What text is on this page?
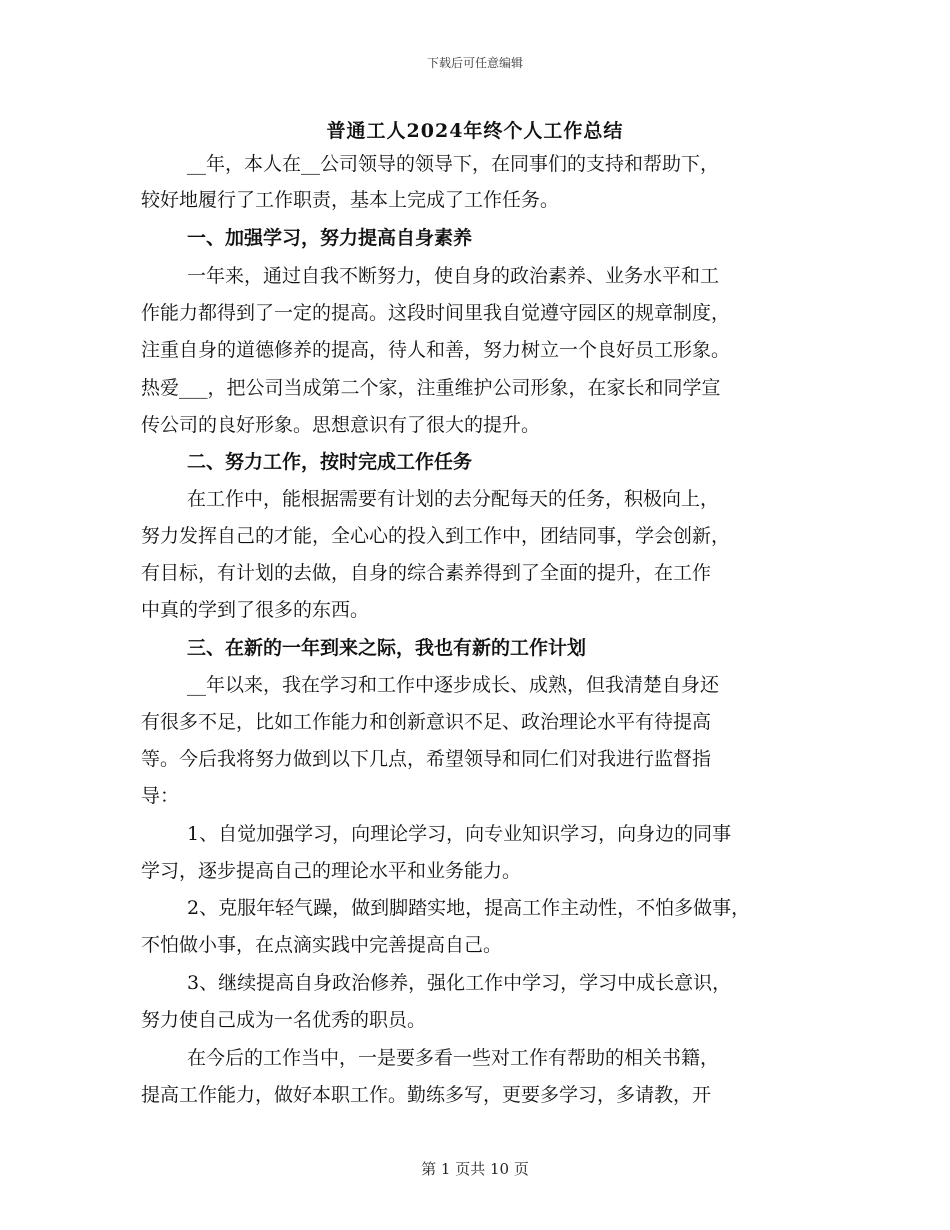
下载后可任意编辑
普通工人2024年终个人工作总结
__年，本人在__公司领导的领导下，在同事们的支持和帮助下，
较好地履行了工作职责，基本上完成了工作任务。
一、加强学习，努力提高自身素养
一年来，通过自我不断努力，使自身的政治素养、业务水平和工
作能力都得到了一定的提高。这段时间里我自觉遵守园区的规章制度，
注重自身的道德修养的提高，待人和善，努力树立一个良好员工形象。
热爱___，把公司当成第二个家，注重维护公司形象，在家长和同学宣
传公司的良好形象。思想意识有了很大的提升。
二、努力工作，按时完成工作任务
在工作中，能根据需要有计划的去分配每天的任务，积极向上，
努力发挥自己的才能，全心心的投入到工作中，团结同事，学会创新，
有目标，有计划的去做，自身的综合素养得到了全面的提升，在工作
中真的学到了很多的东西。
三、在新的一年到来之际，我也有新的工作计划
__年以来，我在学习和工作中逐步成长、成熟，但我清楚自身还
有很多不足，比如工作能力和创新意识不足、政治理论水平有待提高
等。今后我将努力做到以下几点，希望领导和同仁们对我进行监督指
导：
1、自觉加强学习，向理论学习，向专业知识学习，向身边的同事
学习，逐步提高自己的理论水平和业务能力。
2、克服年轻气躁，做到脚踏实地，提高工作主动性，不怕多做事，
不怕做小事，在点滴实践中完善提高自己。
3、继续提高自身政治修养，强化工作中学习，学习中成长意识，
努力使自己成为一名优秀的职员。
在今后的工作当中，一是要多看一些对工作有帮助的相关书籍，
提高工作能力，做好本职工作。勤练多写，更要多学习，多请教，开
第 1 页共 10 页
